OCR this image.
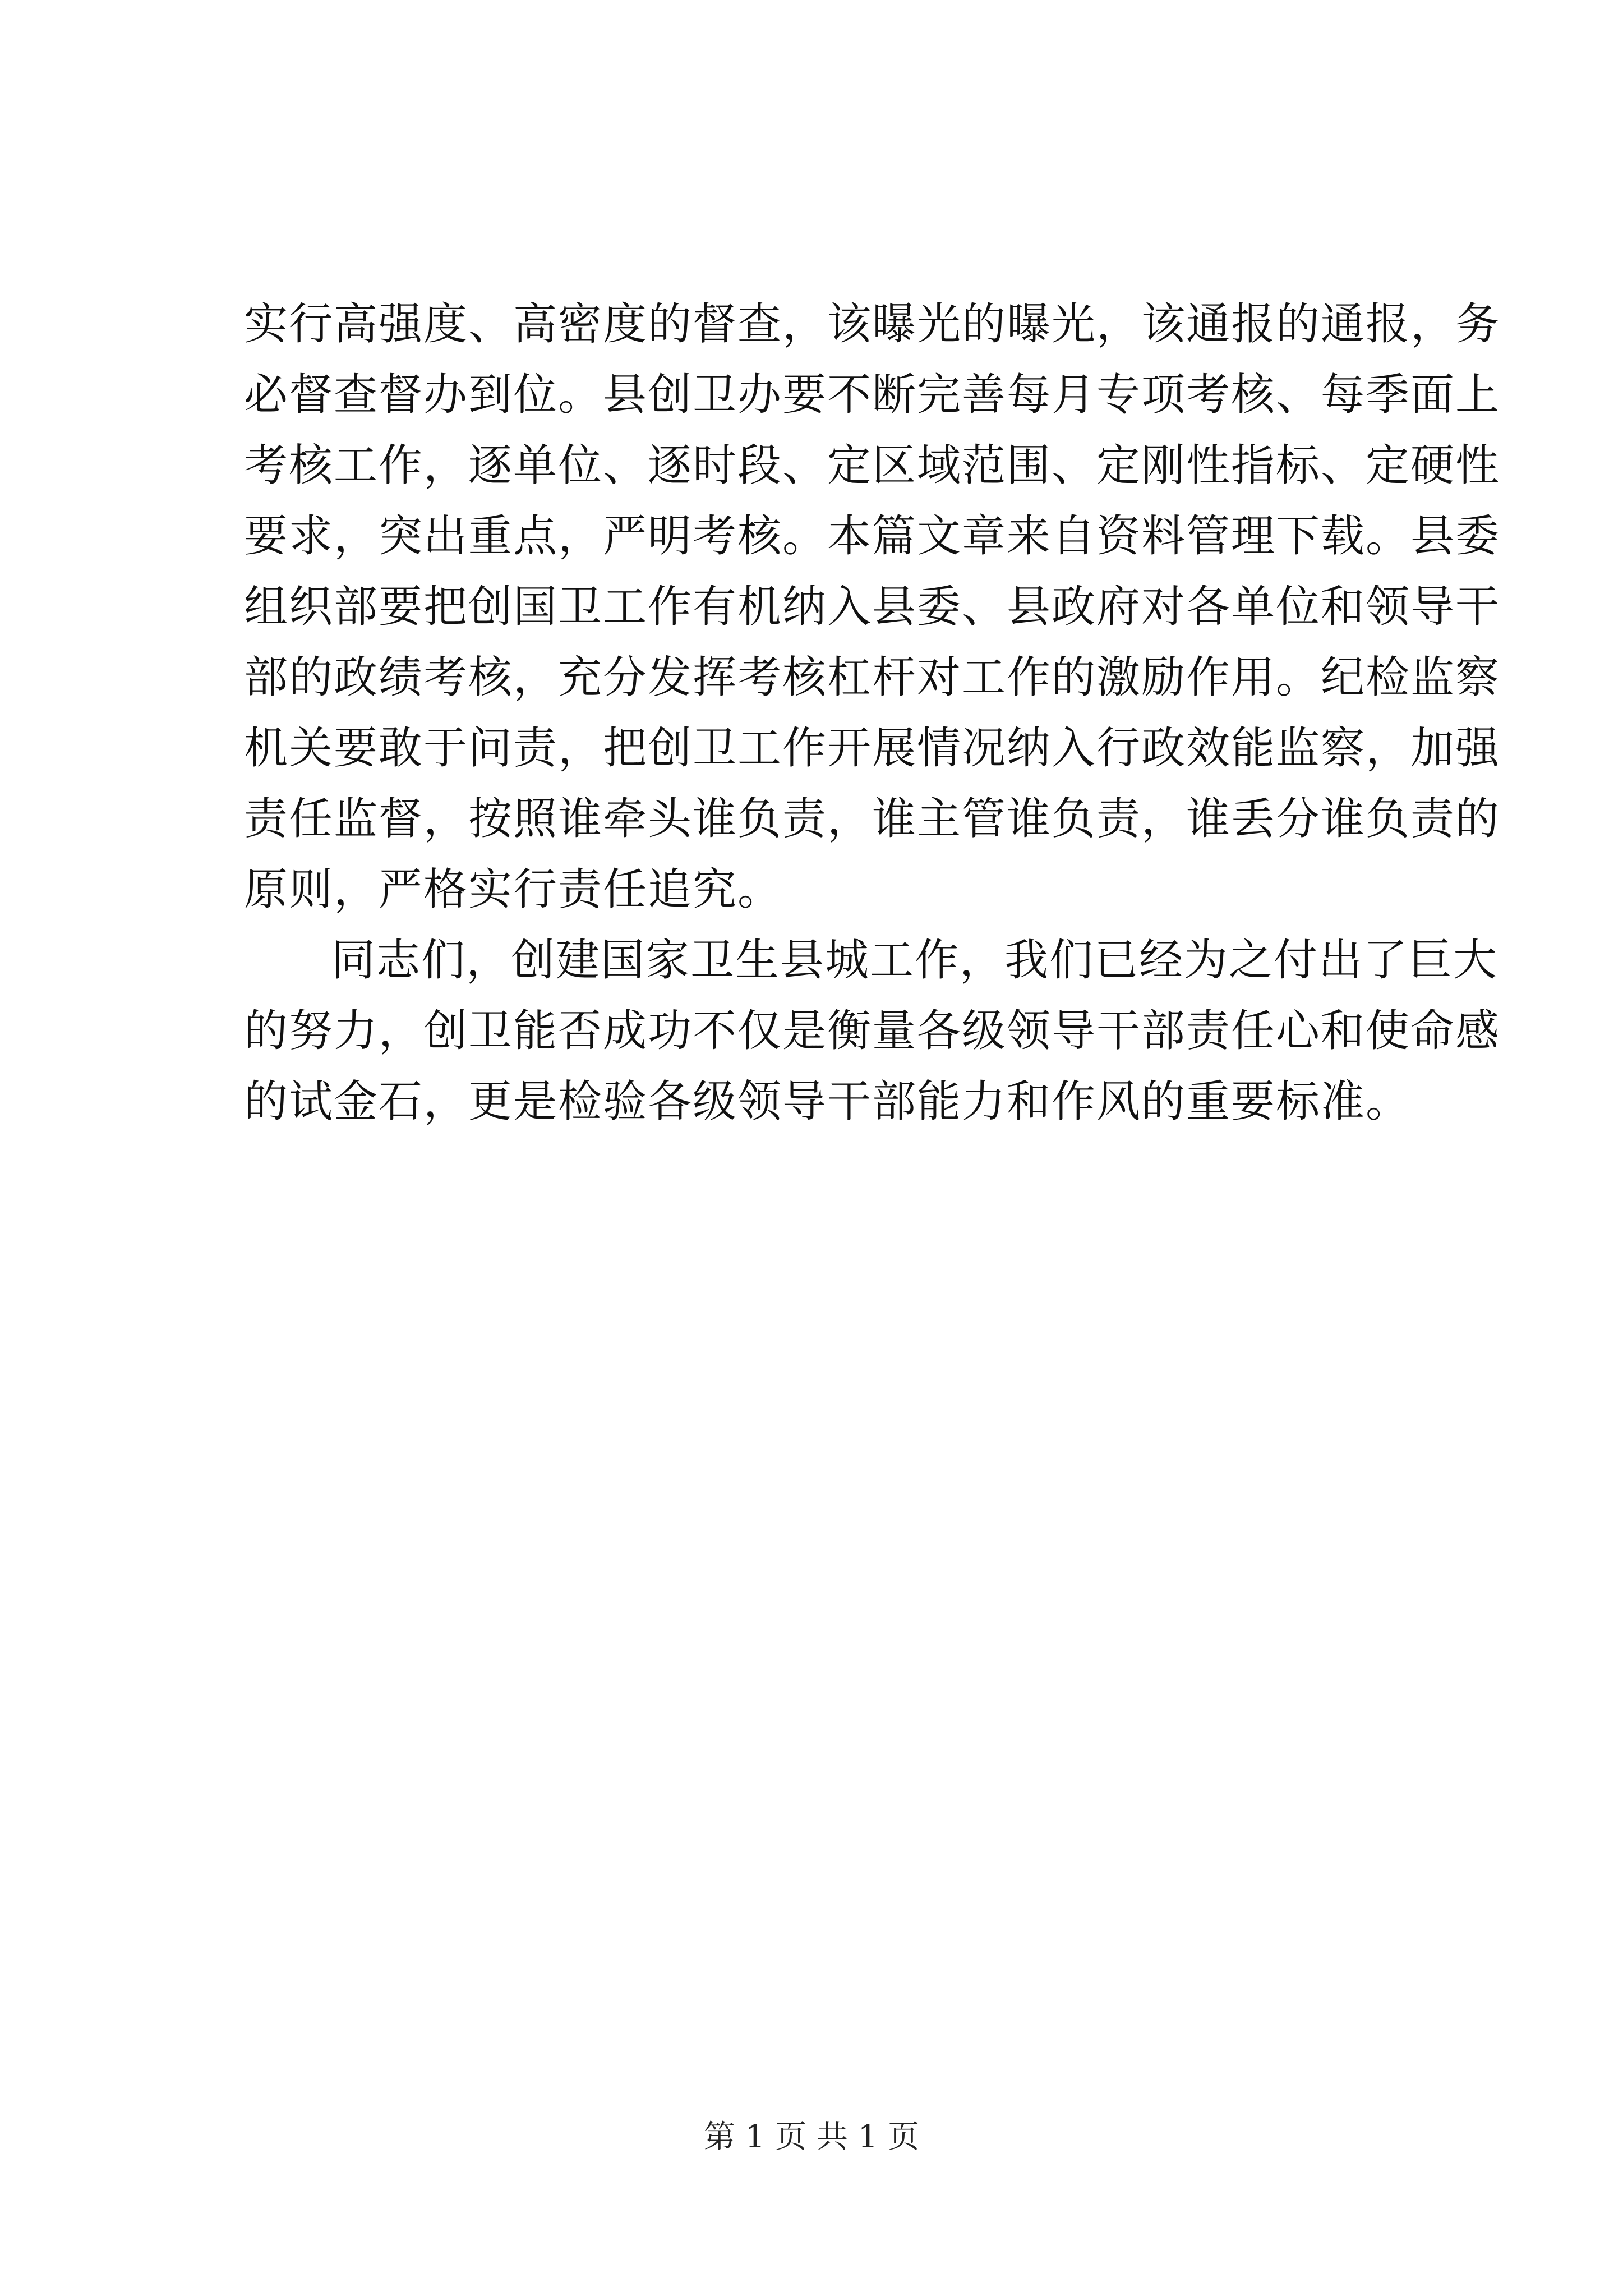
实行高强度、高密度的督查，该曝光的曝光，该通报的通报，务
必督查督办到位。县创卫办要不断完善每月专项考核、每季面上
考核工作，逐单位、逐时段、定区域范围、定刚性指标、定硬性
要求，突出重点，严明考核。本篇文章来自资料管理下载。县委
组织部要把创国卫工作有机纳入县委、县政府对各单位和领导干
部的政绩考核，充分发挥考核杠杆对工作的激励作用。纪检监察
机关要敢于问责，把创卫工作开展情况纳入行政效能监察，加强
责任监督，按照谁牵头谁负责，谁主管谁负责，谁丢分谁负责的
原则，严格实行责任追究。
同志们，创建国家卫生县城工作，我们已经为之付出了巨大
的努力，创卫能否成功不仅是衡量各级领导干部责任心和使命感
的试金石，更是检验各级领导干部能力和作风的重要标准。
第 1 页 共 1 页
